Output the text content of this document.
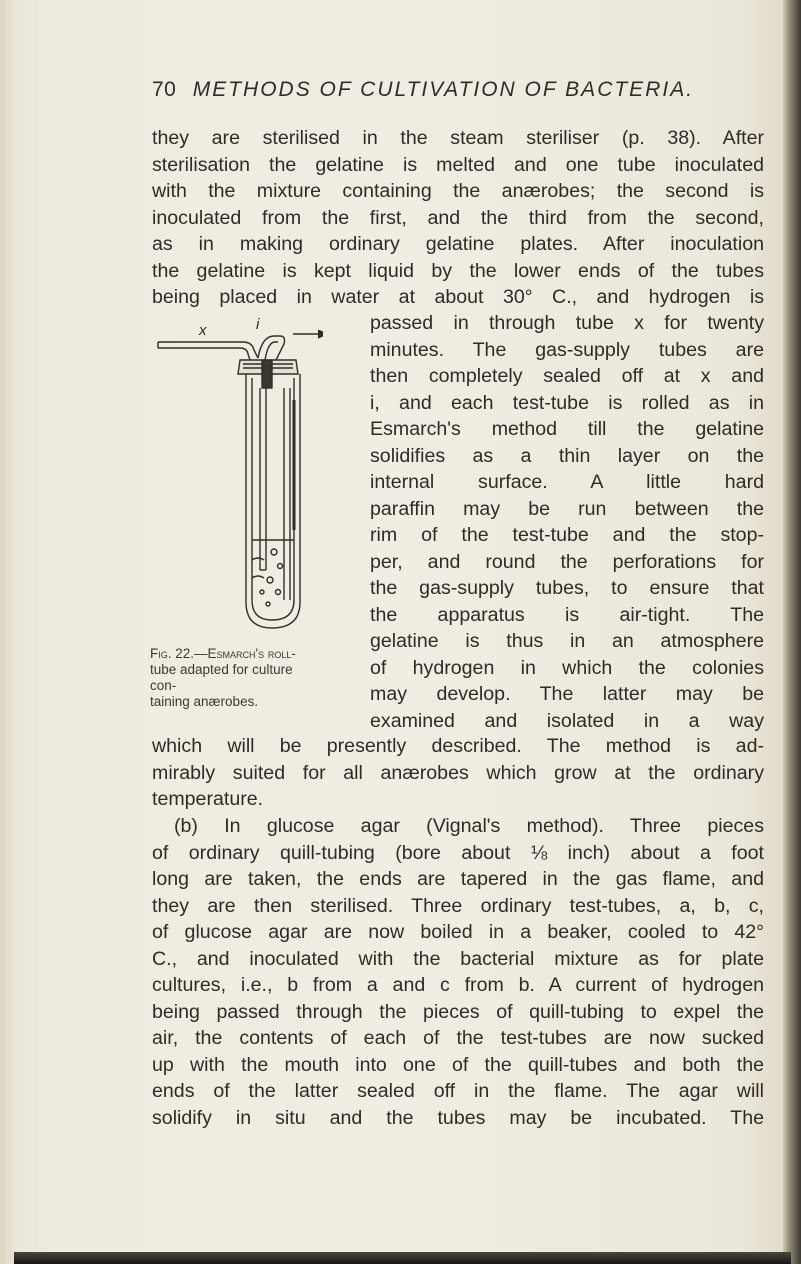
70 METHODS OF CULTIVATION OF BACTERIA.
they are sterilised in the steam steriliser (p. 38). After
sterilisation the gelatine is melted and one tube inoculated
with the mixture containing the anærobes; the second is
inoculated from the first, and the third from the second,
as in making ordinary gelatine plates. After inoculation
the gelatine is kept liquid by the lower ends of the tubes
being placed in water at about 30° C., and hydrogen is
x	i	passed in through tube x for twenty
minutes. The gas-supply tubes are
then completely sealed off at x and
i, and each test-tube is rolled as in
Esmarch's method till the gelatine
solidifies as a thin layer on the
internal surface. A little hard
paraffin may be run between the
rim of the test-tube and the stop-
per, and round the perforations for
the gas-supply tubes, to ensure that
the apparatus is air-tight. The
gelatine is thus in an atmosphere
of hydrogen in which the colonies
may develop. The latter may be
examined and isolated in a way
Fig. 22.—Esmarch's roll-
tube adapted for culture con-
taining anærobes.
which will be presently described. The method is ad-
mirably suited for all anærobes which grow at the ordinary
temperature.
(b) In glucose agar (Vignal's method). Three pieces
of ordinary quill-tubing (bore about ⅛ inch) about a foot
long are taken, the ends are tapered in the gas flame, and
they are then sterilised. Three ordinary test-tubes, a, b, c,
of glucose agar are now boiled in a beaker, cooled to 42°
C., and inoculated with the bacterial mixture as for plate
cultures, i.e., b from a and c from b. A current of hydrogen
being passed through the pieces of quill-tubing to expel the
air, the contents of each of the test-tubes are now sucked
up with the mouth into one of the quill-tubes and both the
ends of the latter sealed off in the flame. The agar will
solidify in situ and the tubes may be incubated. The
